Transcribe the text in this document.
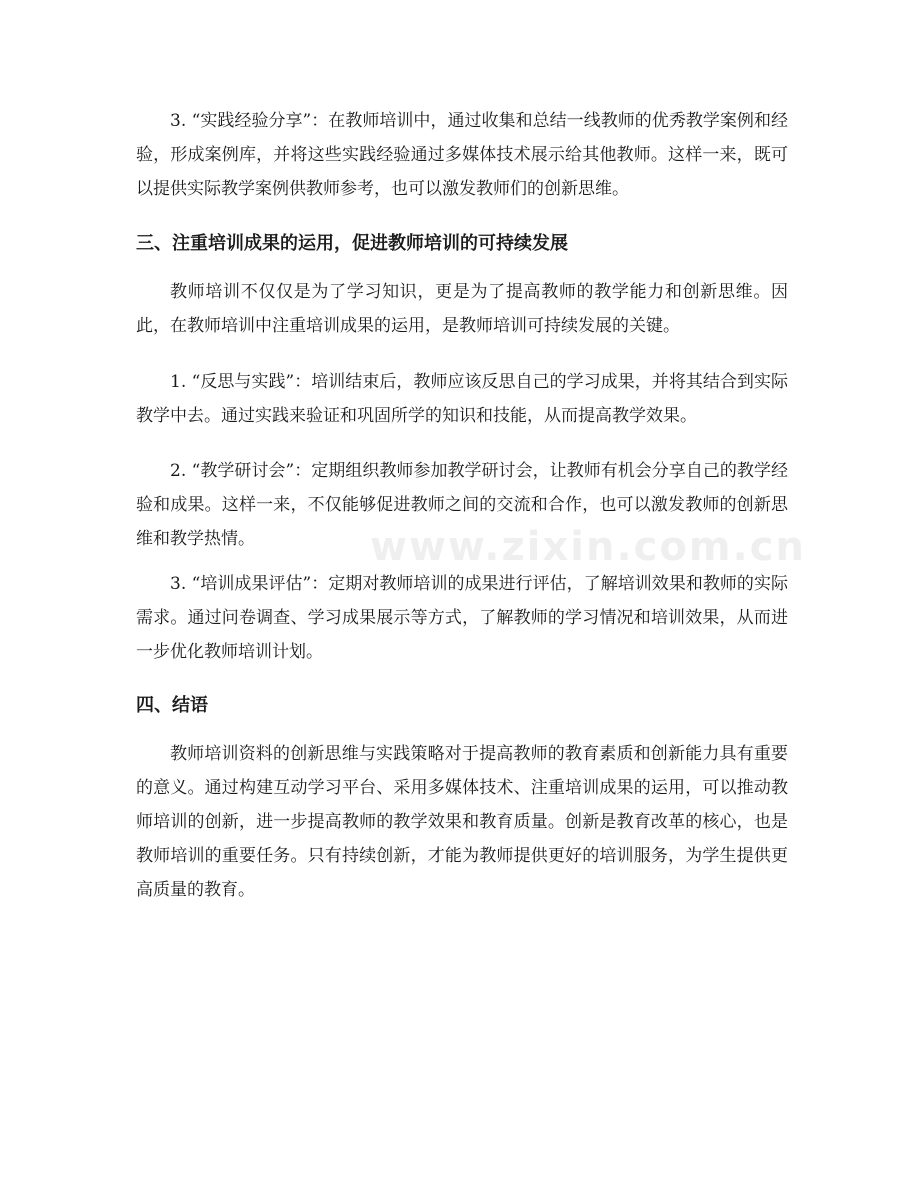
3. “实践经验分享”：在教师培训中，通过收集和总结一线教师的优秀教学案例和经验，形成案例库，并将这些实践经验通过多媒体技术展示给其他教师。这样一来，既可以提供实际教学案例供教师参考，也可以激发教师们的创新思维。

三、注重培训成果的运用，促进教师培训的可持续发展

教师培训不仅仅是为了学习知识，更是为了提高教师的教学能力和创新思维。因此，在教师培训中注重培训成果的运用，是教师培训可持续发展的关键。

1. “反思与实践”：培训结束后，教师应该反思自己的学习成果，并将其结合到实际教学中去。通过实践来验证和巩固所学的知识和技能，从而提高教学效果。

2. “教学研讨会”：定期组织教师参加教学研讨会，让教师有机会分享自己的教学经验和成果。这样一来，不仅能够促进教师之间的交流和合作，也可以激发教师的创新思维和教学热情。

3. “培训成果评估”：定期对教师培训的成果进行评估，了解培训效果和教师的实际需求。通过问卷调查、学习成果展示等方式，了解教师的学习情况和培训效果，从而进一步优化教师培训计划。

四、结语

教师培训资料的创新思维与实践策略对于提高教师的教育素质和创新能力具有重要的意义。通过构建互动学习平台、采用多媒体技术、注重培训成果的运用，可以推动教师培训的创新，进一步提高教师的教学效果和教育质量。创新是教育改革的核心，也是教师培训的重要任务。只有持续创新，才能为教师提供更好的培训服务，为学生提供更高质量的教育。

www.zixin.com.cn
